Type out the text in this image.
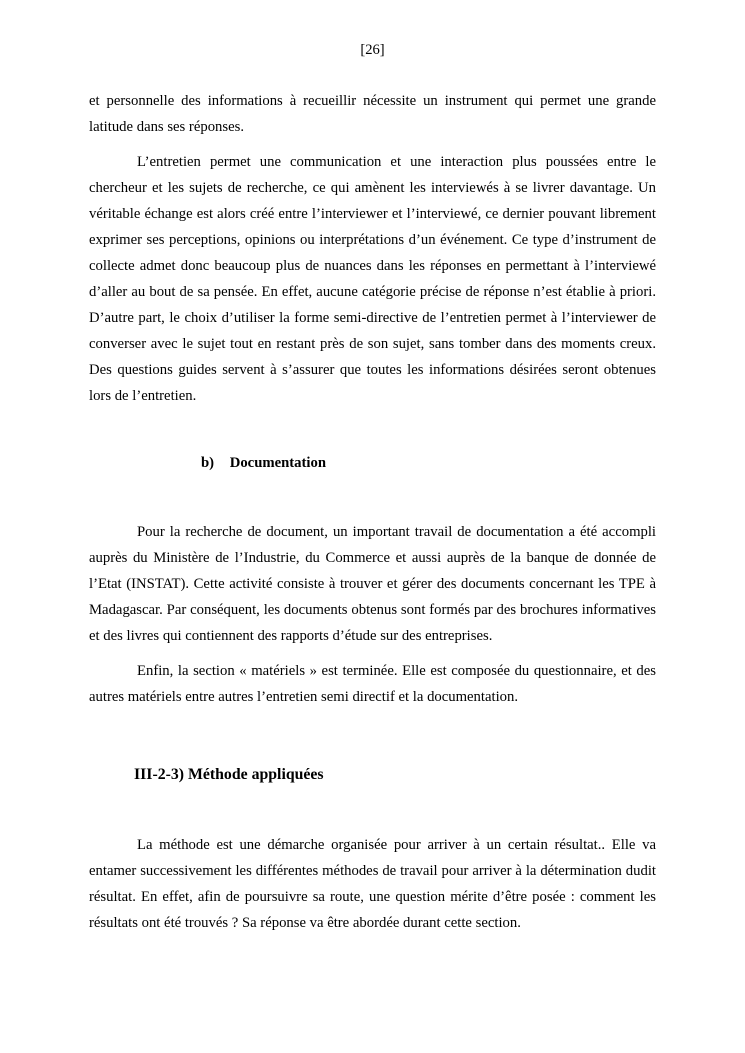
[26]

et personnelle des informations à recueillir nécessite un instrument qui permet une grande latitude dans ses réponses.

L’entretien permet une communication et une interaction plus poussées entre le chercheur et les sujets de recherche, ce qui amènent les interviewés à se livrer davantage. Un véritable échange est alors créé entre l’interviewer et l’interviewé, ce dernier pouvant librement exprimer ses perceptions, opinions ou interprétations d’un événement. Ce type d’instrument de collecte admet donc beaucoup plus de nuances dans les réponses en permettant à l’interviewé d’aller au bout de sa pensée. En effet, aucune catégorie précise de réponse n’est établie à priori. D’autre part, le choix d’utiliser la forme semi-directive de l’entretien permet à l’interviewer de converser avec le sujet tout en restant près de son sujet, sans tomber dans des moments creux. Des questions guides servent à s’assurer que toutes les informations désirées seront obtenues lors de l’entretien.

b) Documentation

Pour la recherche de document, un important travail de documentation a été accompli auprès du Ministère de l’Industrie, du Commerce et aussi auprès de la banque de donnée de l’Etat (INSTAT). Cette activité consiste à trouver et gérer des documents concernant les TPE à Madagascar. Par conséquent, les documents obtenus sont formés par des brochures informatives et des livres qui contiennent des rapports d’étude sur des entreprises.

Enfin, la section « matériels » est terminée. Elle est composée du questionnaire, et des autres matériels entre autres l’entretien semi directif et la documentation.

III-2-3) Méthode appliquées

La méthode est une démarche organisée pour arriver à un certain résultat.. Elle va entamer successivement les différentes méthodes de travail pour arriver à la détermination dudit résultat. En effet, afin de poursuivre sa route, une question mérite d’être posée : comment les résultats ont été trouvés ? Sa réponse va être abordée durant cette section.
